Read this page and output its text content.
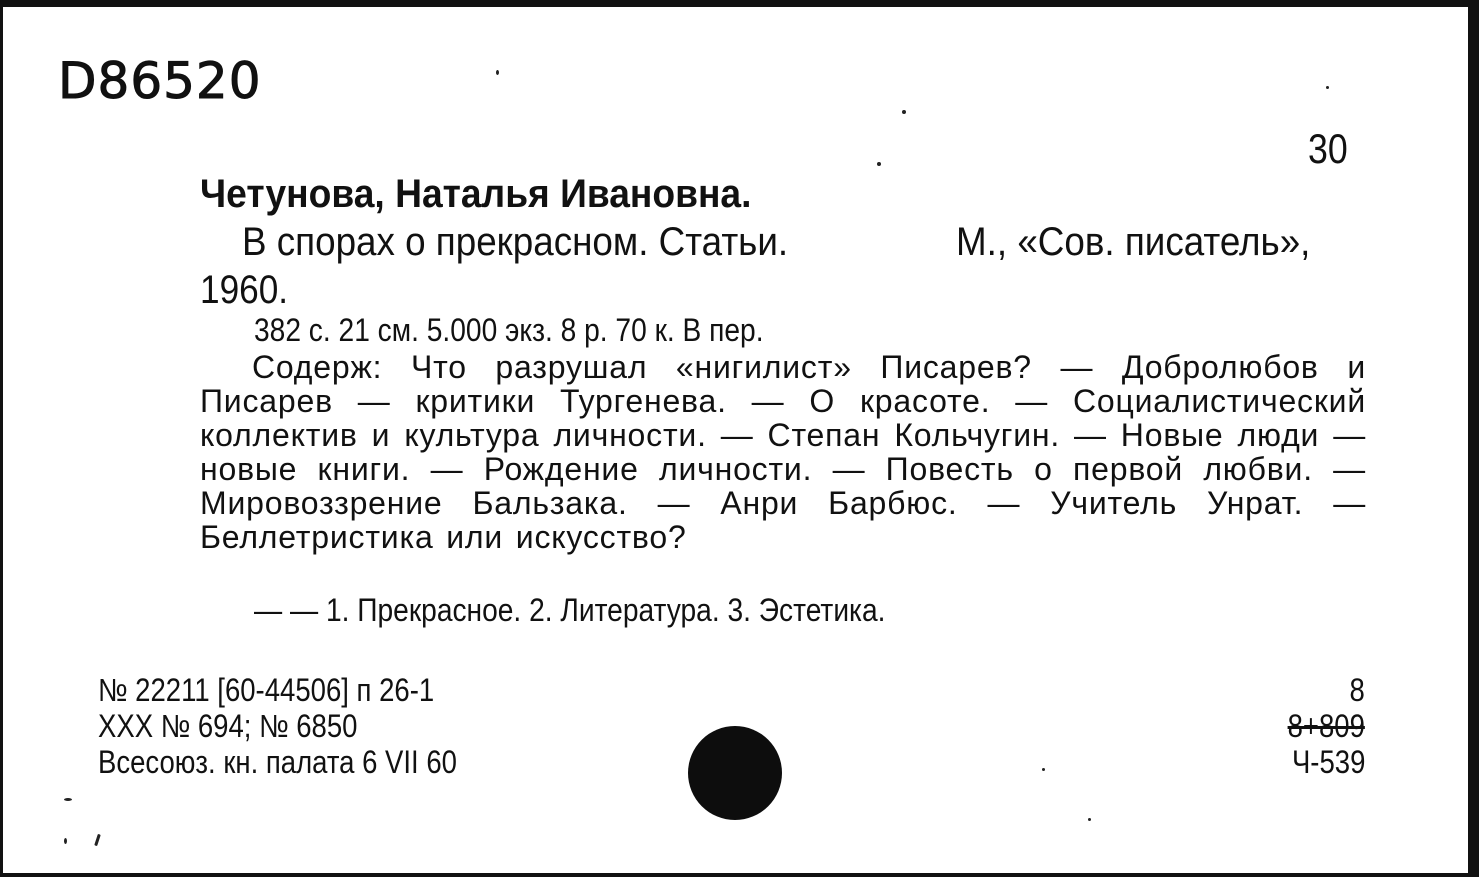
D86520
30
Четунова, Наталья Ивановна.
В спорах о прекрасном. Статьи.	М., «Сов. писатель»,
1960.
382 с. 21 см. 5.000 экз. 8 р. 70 к. В пер.
Содерж: Что разрушал «нигилист» Писарев? — Добролюбов и Писарев — критики Тургенева. — О красоте. — Социалистический коллектив и культура личности. — Степан Кольчугин. — Новые люди — новые книги. — Рождение личности. — Повесть о первой любви. — Мировоззрение Бальзака. — Анри Барбюс. — Учитель Унрат. — Беллетристика или искусство?
— — 1. Прекрасное. 2. Литература. 3. Эстетика.
№ 22211 [60-44506] п 26-1
XXX № 694; № 6850
Всесоюз. кн. палата 6 VII 60
8
8+809
Ч-539
